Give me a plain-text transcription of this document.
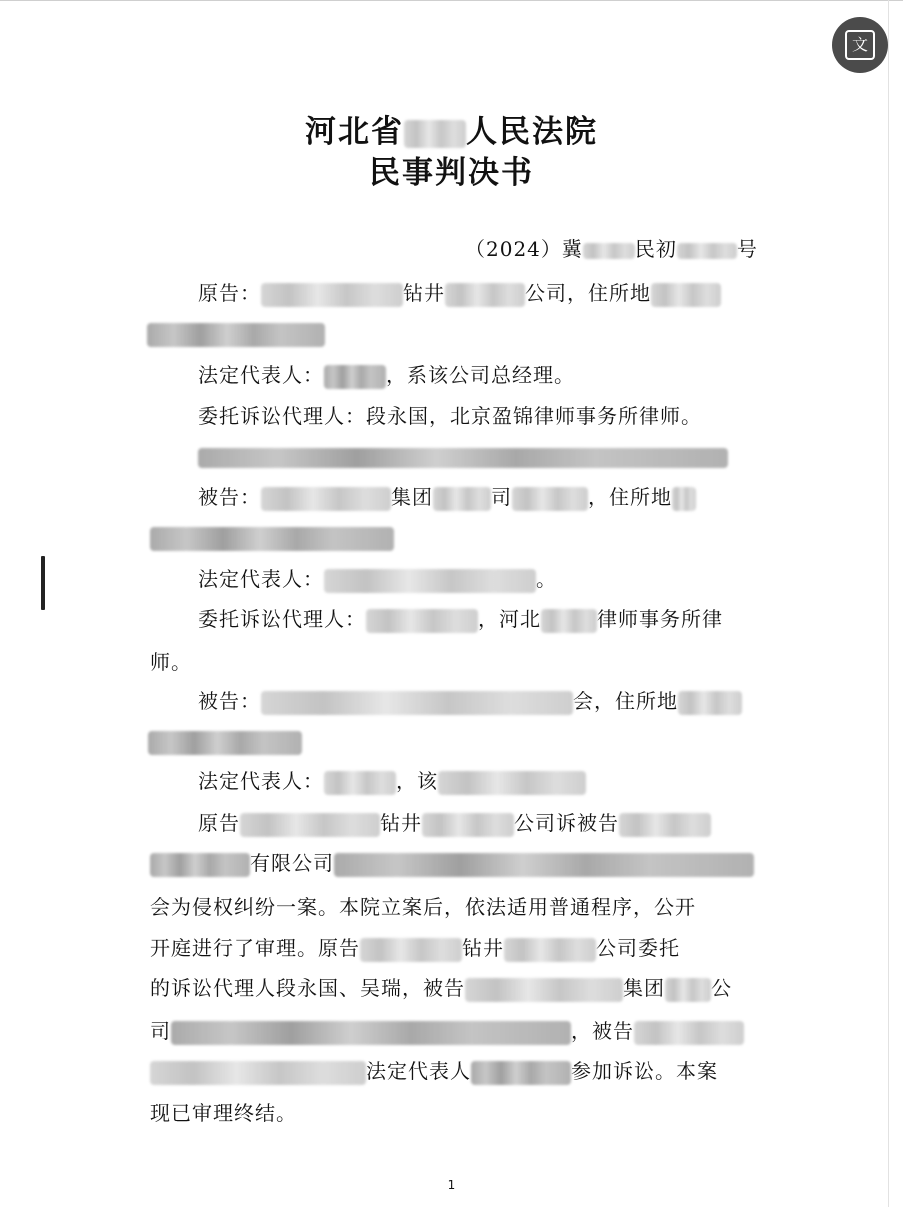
文
河北省 人民法院
民事判决书
（2024）冀	民初	号
原告：	钻井	公司，住所地
法定代表人：	，系该公司总经理。
委托诉讼代理人：段永国，北京盈锦律师事务所律师。
被告：	集团	司	，住所地
法定代表人：	。
委托诉讼代理人：	，河北	律师事务所律
师。
被告：	会，住所地
法定代表人：	，该
原告	钻井	公司诉被告
有限公司
会为侵权纠纷一案。本院立案后，依法适用普通程序，公开
开庭进行了审理。原告	钻井	公司委托
的诉讼代理人段永国、吴瑞，被告	集团 公
司	，被告
法定代表人	参加诉讼。本案
现已审理终结。
1
